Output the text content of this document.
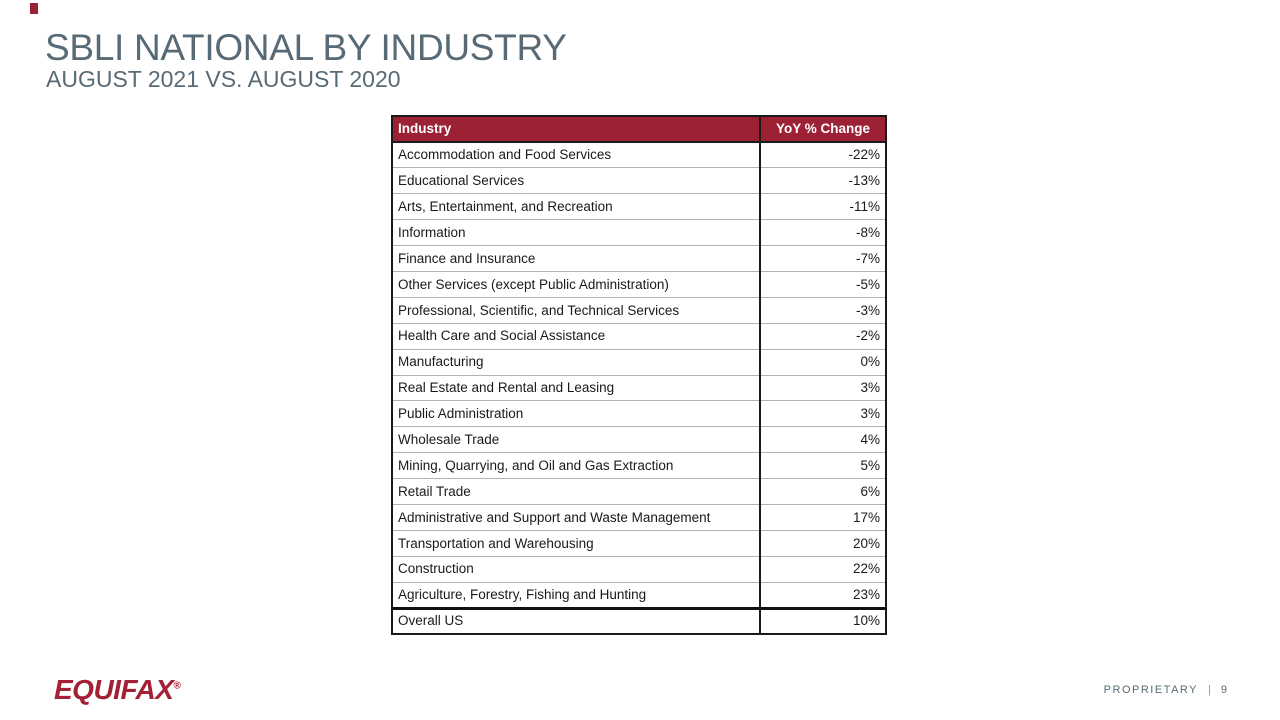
SBLI NATIONAL BY INDUSTRY
AUGUST 2021 VS. AUGUST 2020
Industry	YoY % Change
Accommodation and Food Services	-22%
Educational Services	-13%
Arts, Entertainment, and Recreation	-11%
Information	-8%
Finance and Insurance	-7%
Other Services (except Public Administration)	-5%
Professional, Scientific, and Technical Services	-3%
Health Care and Social Assistance	-2%
Manufacturing	0%
Real Estate and Rental and Leasing	3%
Public Administration	3%
Wholesale Trade	4%
Mining, Quarrying, and Oil and Gas Extraction	5%
Retail Trade	6%
Administrative and Support and Waste Management	17%
Transportation and Warehousing	20%
Construction	22%
Agriculture, Forestry, Fishing and Hunting	23%
Overall US	10%
EQUIFAX®	PROPRIETARY | 9
